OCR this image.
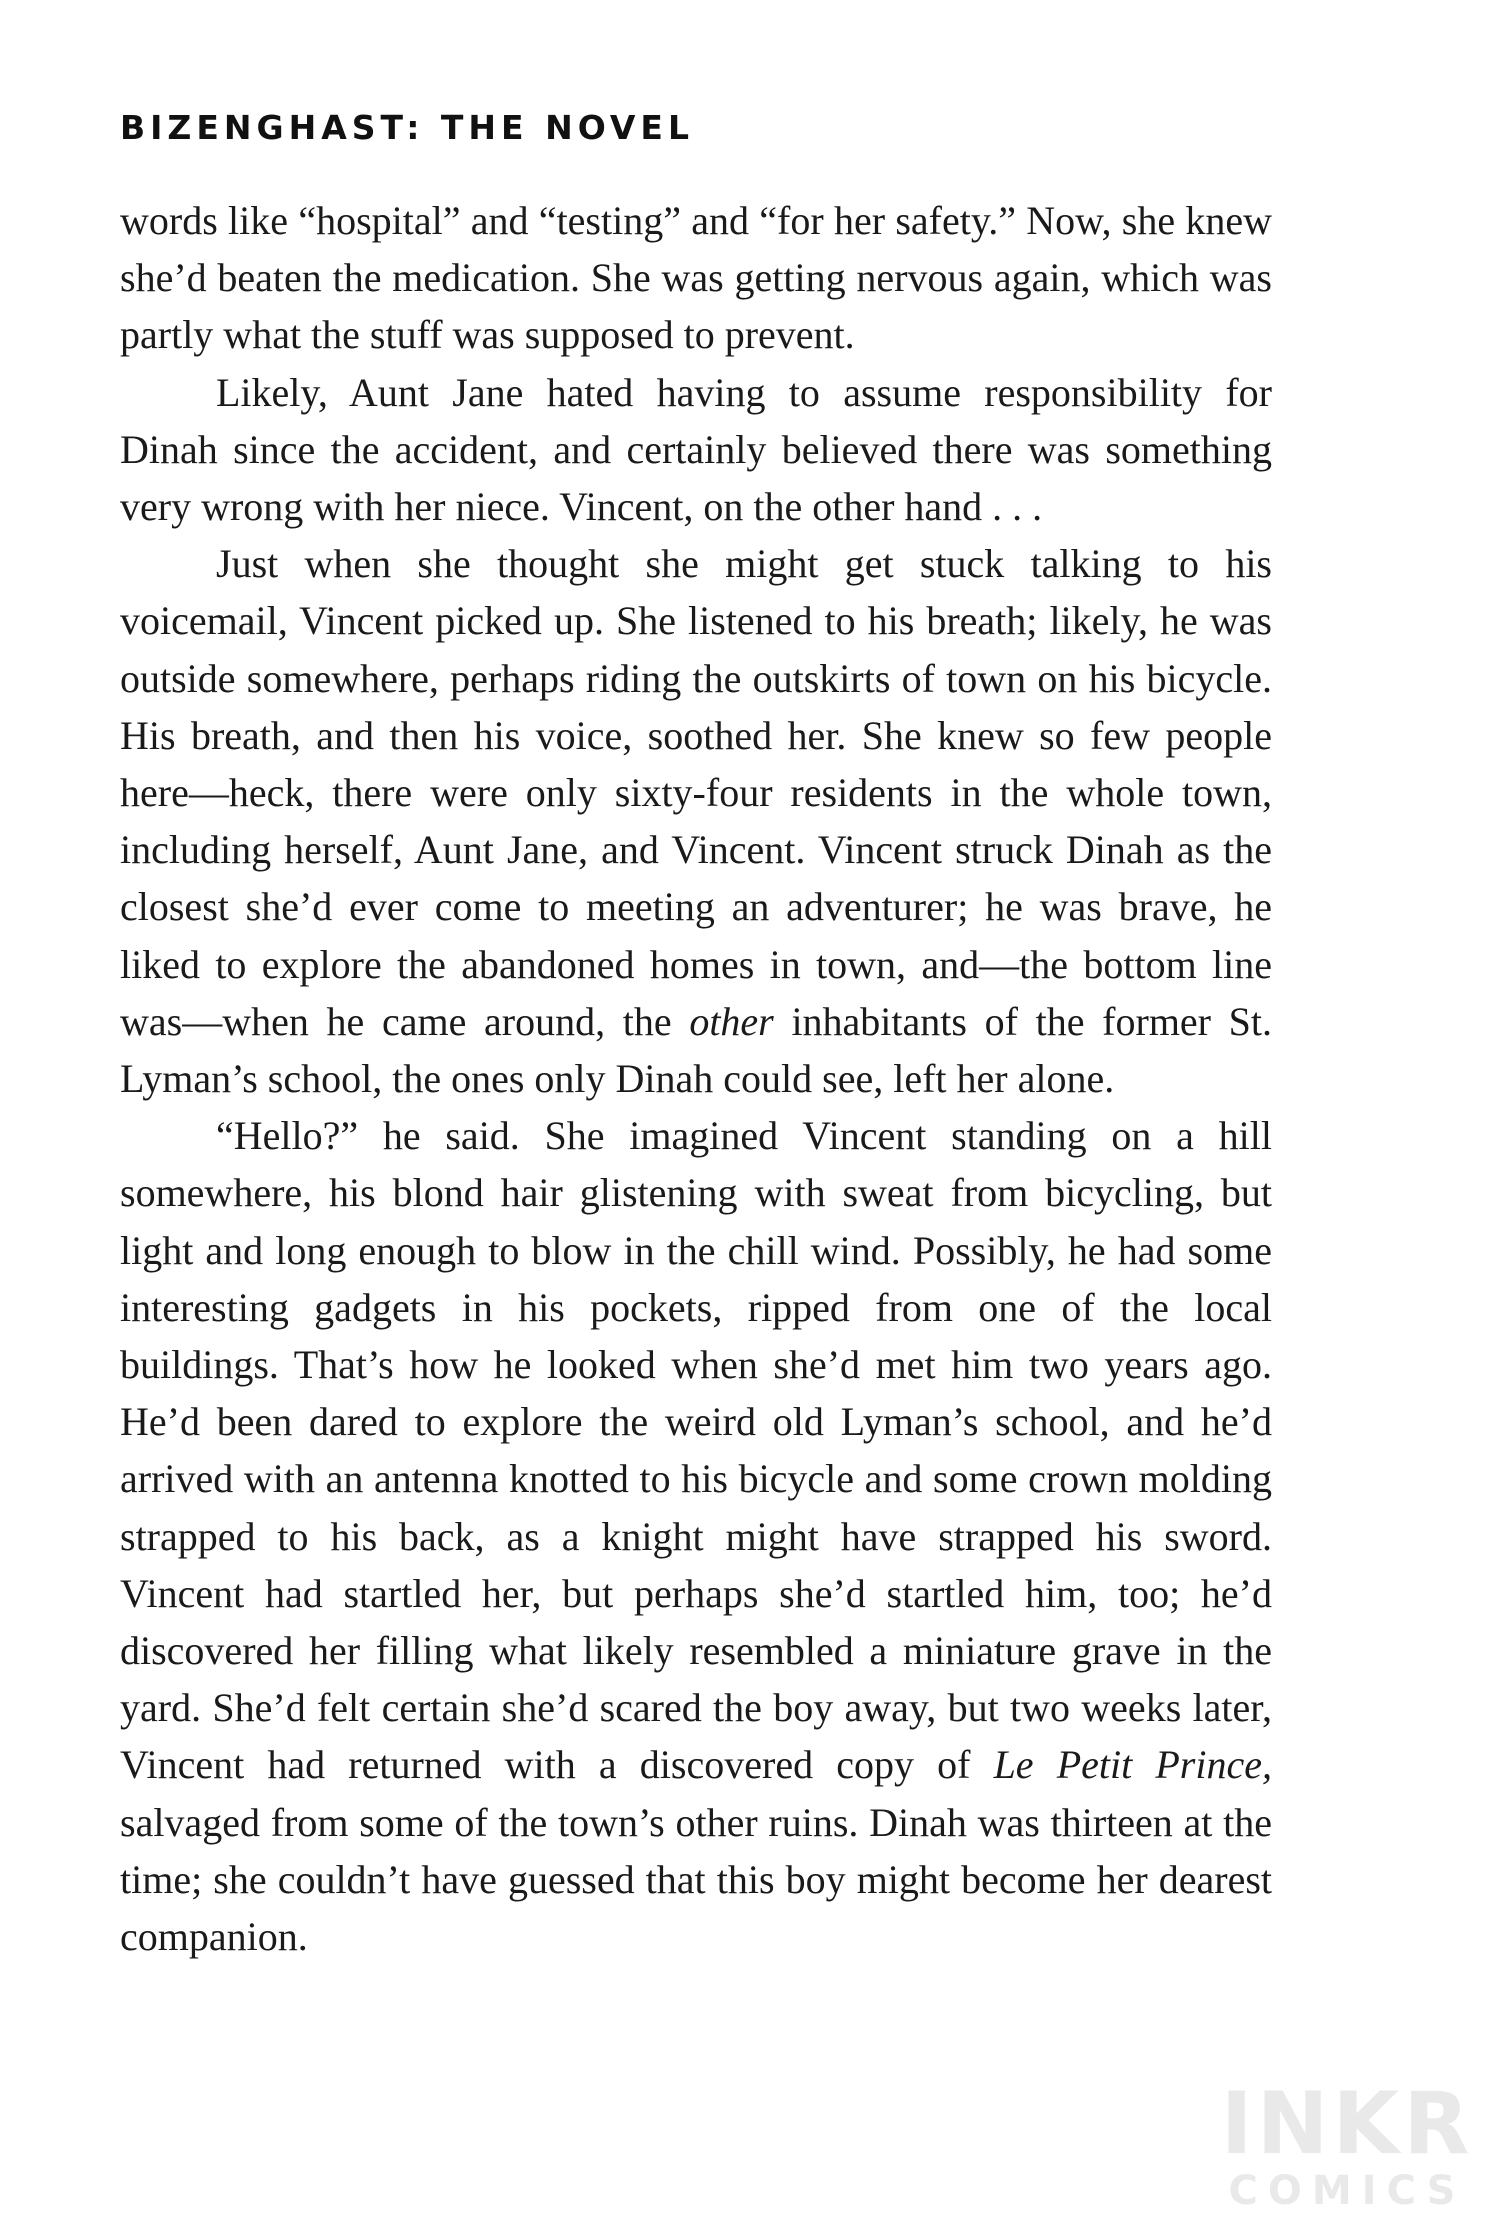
BIZENGHAST: THE NOVEL

words like “hospital” and “testing” and “for her safety.” Now, she knew she’d beaten the medication. She was getting nervous again, which was partly what the stuff was supposed to prevent.

Likely, Aunt Jane hated having to assume responsibility for Dinah since the accident, and certainly believed there was something very wrong with her niece. Vincent, on the other hand . . .

Just when she thought she might get stuck talking to his voicemail, Vincent picked up. She listened to his breath; likely, he was outside somewhere, perhaps riding the outskirts of town on his bicycle. His breath, and then his voice, soothed her. She knew so few people here—heck, there were only sixty-four residents in the whole town, including herself, Aunt Jane, and Vincent. Vincent struck Dinah as the closest she’d ever come to meeting an adventurer; he was brave, he liked to explore the abandoned homes in town, and—the bottom line was—when he came around, the other inhabitants of the former St. Lyman’s school, the ones only Dinah could see, left her alone.

“Hello?” he said. She imagined Vincent standing on a hill somewhere, his blond hair glistening with sweat from bicycling, but light and long enough to blow in the chill wind. Possibly, he had some interesting gadgets in his pockets, ripped from one of the local buildings. That’s how he looked when she’d met him two years ago. He’d been dared to explore the weird old Lyman’s school, and he’d arrived with an antenna knotted to his bicycle and some crown molding strapped to his back, as a knight might have strapped his sword. Vincent had startled her, but perhaps she’d startled him, too; he’d discovered her filling what likely resembled a miniature grave in the yard. She’d felt certain she’d scared the boy away, but two weeks later, Vincent had returned with a discovered copy of Le Petit Prince, salvaged from some of the town’s other ruins. Dinah was thirteen at the time; she couldn’t have guessed that this boy might become her dearest companion.

INKR
COMICS
